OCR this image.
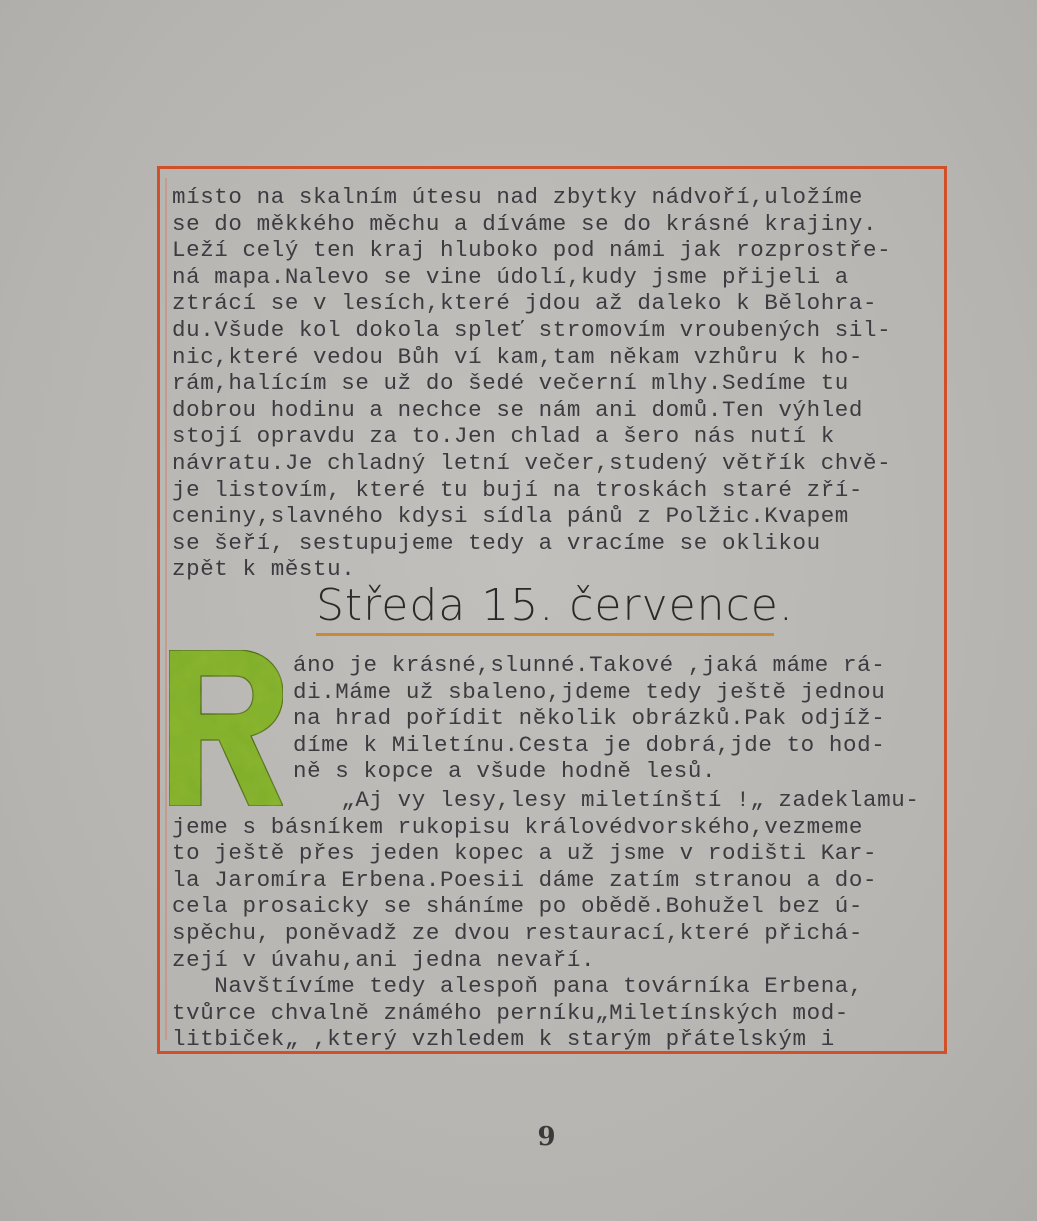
místo na skalním útesu nad zbytky nádvoří,uložíme
se do měkkého měchu a díváme se do krásné krajiny.
Leží celý ten kraj hluboko pod námi jak rozprostře-
ná mapa.Nalevo se vine údolí,kudy jsme přijeli a
ztrácí se v lesích,které jdou až daleko k Bělohra-
du.Všude kol dokola spleť stromovím vroubených sil-
nic,které vedou Bůh ví kam,tam někam vzhůru k ho-
rám,halícím se už do šedé večerní mlhy.Sedíme tu
dobrou hodinu a nechce se nám ani domů.Ten výhled
stojí opravdu za to.Jen chlad a šero nás nutí k
návratu.Je chladný letní večer,studený větřík chvě-
je listovím, které tu bují na troskách staré zří-
ceniny,slavného kdysi sídla pánů z Polžic.Kvapem
se šeří, sestupujeme tedy a vracíme se oklikou
zpět k městu.
Středa 15. července.
áno je krásné,slunné.Takové ,jaká máme rá-
di.Máme už sbaleno,jdeme tedy ještě jednou
na hrad pořídit několik obrázků.Pak odjíž-
díme k Miletínu.Cesta je dobrá,jde to hod-
ně s kopce a všude hodně lesů.
„Aj vy lesy,lesy miletínští !„ zadeklamu-
jeme s básníkem rukopisu královédvorského,vezmeme
to ještě přes jeden kopec a už jsme v rodišti Kar-
la Jaromíra Erbena.Poesii dáme zatím stranou a do-
cela prosaicky se sháníme po obědě.Bohužel bez ú-
spěchu, poněvadž ze dvou restaurací,které přichá-
zejí v úvahu,ani jedna nevaří.
Navštívíme tedy alespoň pana továrníka Erbena,
tvůrce chvalně známého perníku„Miletínských mod-
litbiček„ ,který vzhledem k starým přátelským i
9
